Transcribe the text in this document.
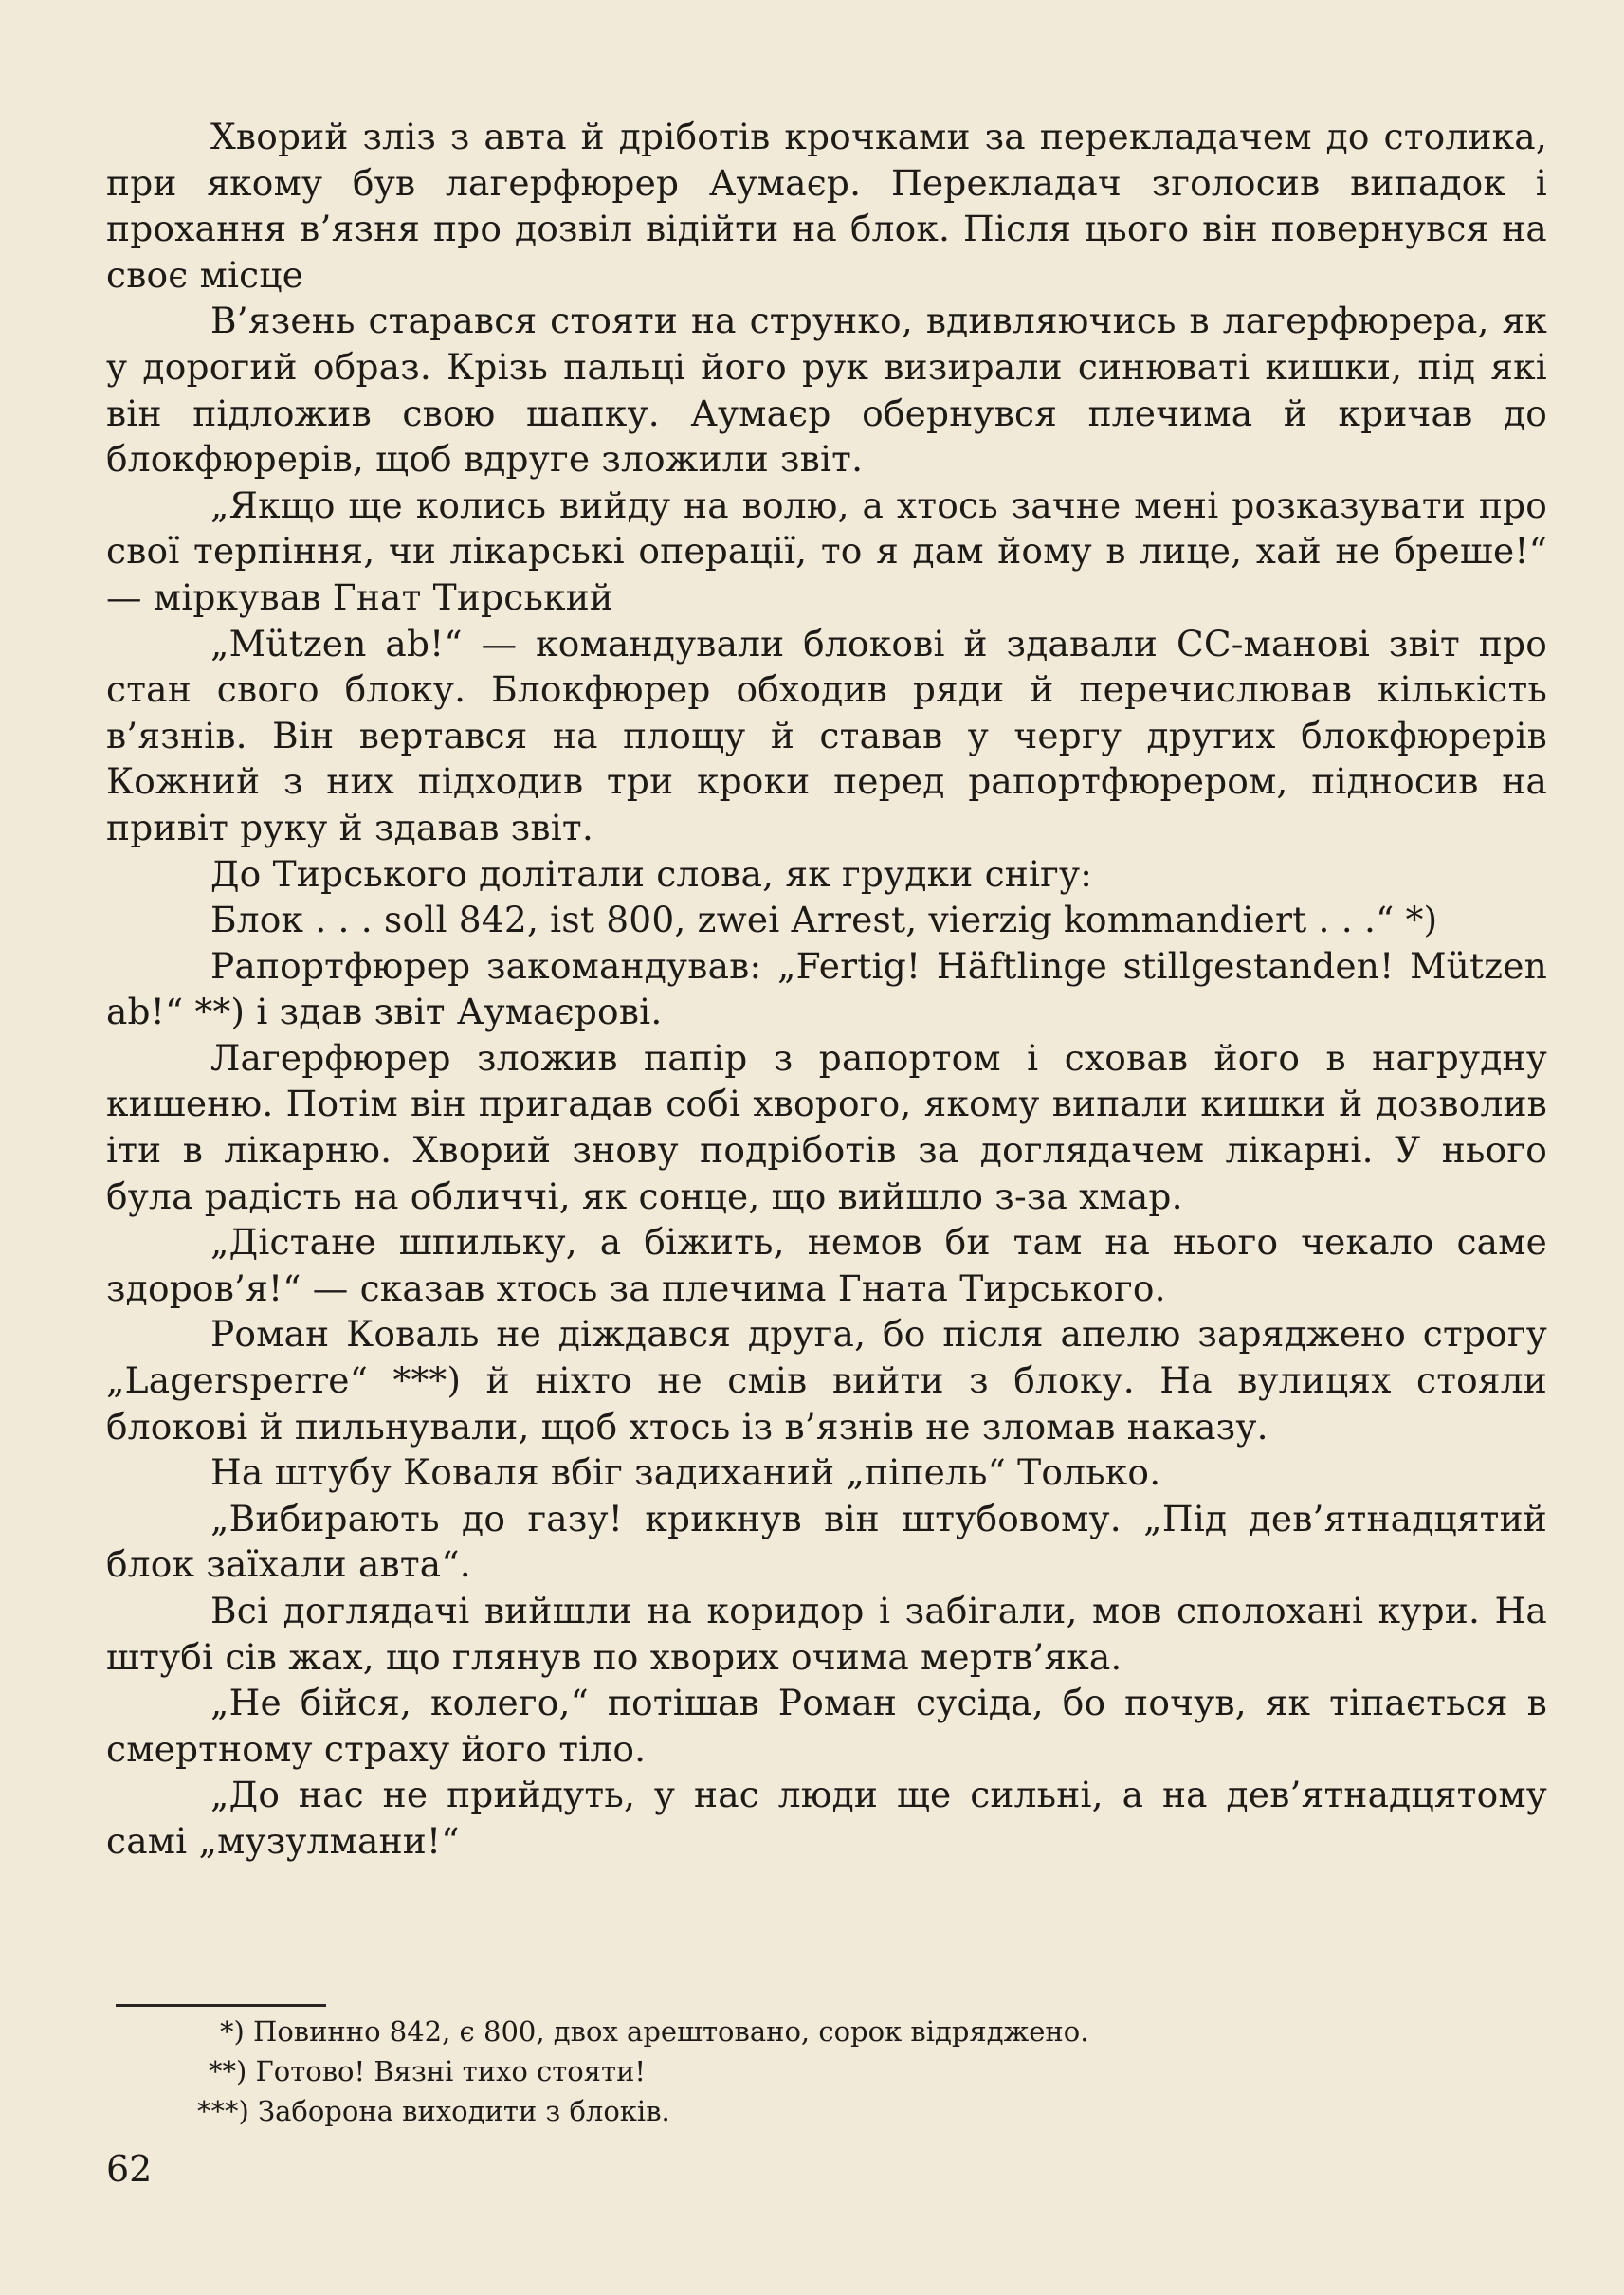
Хворий зліз з авта й дріботів крочками за перекладачем до столика, при якому був лагерфюрер Аумаєр. Перекладач зголосив випадок і прохання в’язня про дозвіл відійти на блок. Після цього він повернувся на своє місце

В’язень старався стояти на струнко, вдивляючись в лагерфюрера, як у дорогий образ. Крізь пальці його рук визирали синюваті кишки, під які він підложив свою шапку. Аумаєр обернувся плечима й кричав до блокфюрерів, щоб вдруге зложили звіт.

„Якщо ще колись вийду на волю, а хтось зачне мені розказувати про свої терпіння, чи лікарські операції, то я дам йому в лице, хай не бреше!“ — міркував Гнат Тирський

„Mützen ab!“ — командували блокові й здавали СС-манові звіт про стан свого блоку. Блокфюрер обходив ряди й перечислював кількість в’язнів. Він вертався на площу й ставав у чергу других блокфюрерів Кожний з них підходив три кроки перед рапортфюрером, підносив на привіт руку й здавав звіт.

До Тирського долітали слова, як грудки снігу:

Блок . . . soll 842, ist 800, zwei Arrest, vierzig kommandiert . . .“ *)

Рапортфюрер закомандував: „Fertig! Häftlinge stillgestanden! Mützen ab!“ **) і здав звіт Аумаєрові.

Лагерфюрер зложив папір з рапортом і сховав його в нагрудну кишеню. Потім він пригадав собі хворого, якому випали кишки й дозволив іти в лікарню. Хворий знову подріботів за доглядачем лікарні. У нього була радість на обличчі, як сонце, що вийшло з-за хмар.

„Дістане шпильку, а біжить, немов би там на нього чекало саме здоров’я!“ — сказав хтось за плечима Гната Тирського.

Роман Коваль не діждався друга, бо після апелю заряджено строгу „Lagersperre“ ***) й ніхто не смів вийти з блоку. На вулицях стояли блокові й пильнували, щоб хтось із в’язнів не зломав наказу.

На штубу Коваля вбіг задиханий „піпель“ Только.

„Вибирають до газу! крикнув він штубовому. „Під дев’ятнадцятий блок заїхали авта“.

Всі доглядачі вийшли на коридор і забігали, мов сполохані кури. На штубі сів жах, що глянув по хворих очима мертв’яка.

„Не бійся, колего,“ потішав Роман сусіда, бо почув, як тіпається в смертному страху його тіло.

„До нас не прийдуть, у нас люди ще сильні, а на дев’ятнадцятому самі „музулмани!“

*) Повинно 842, є 800, двох арештовано, сорок відряджено.

**) Готово! Вязні тихо стояти!

***) Заборона виходити з блоків.

62
